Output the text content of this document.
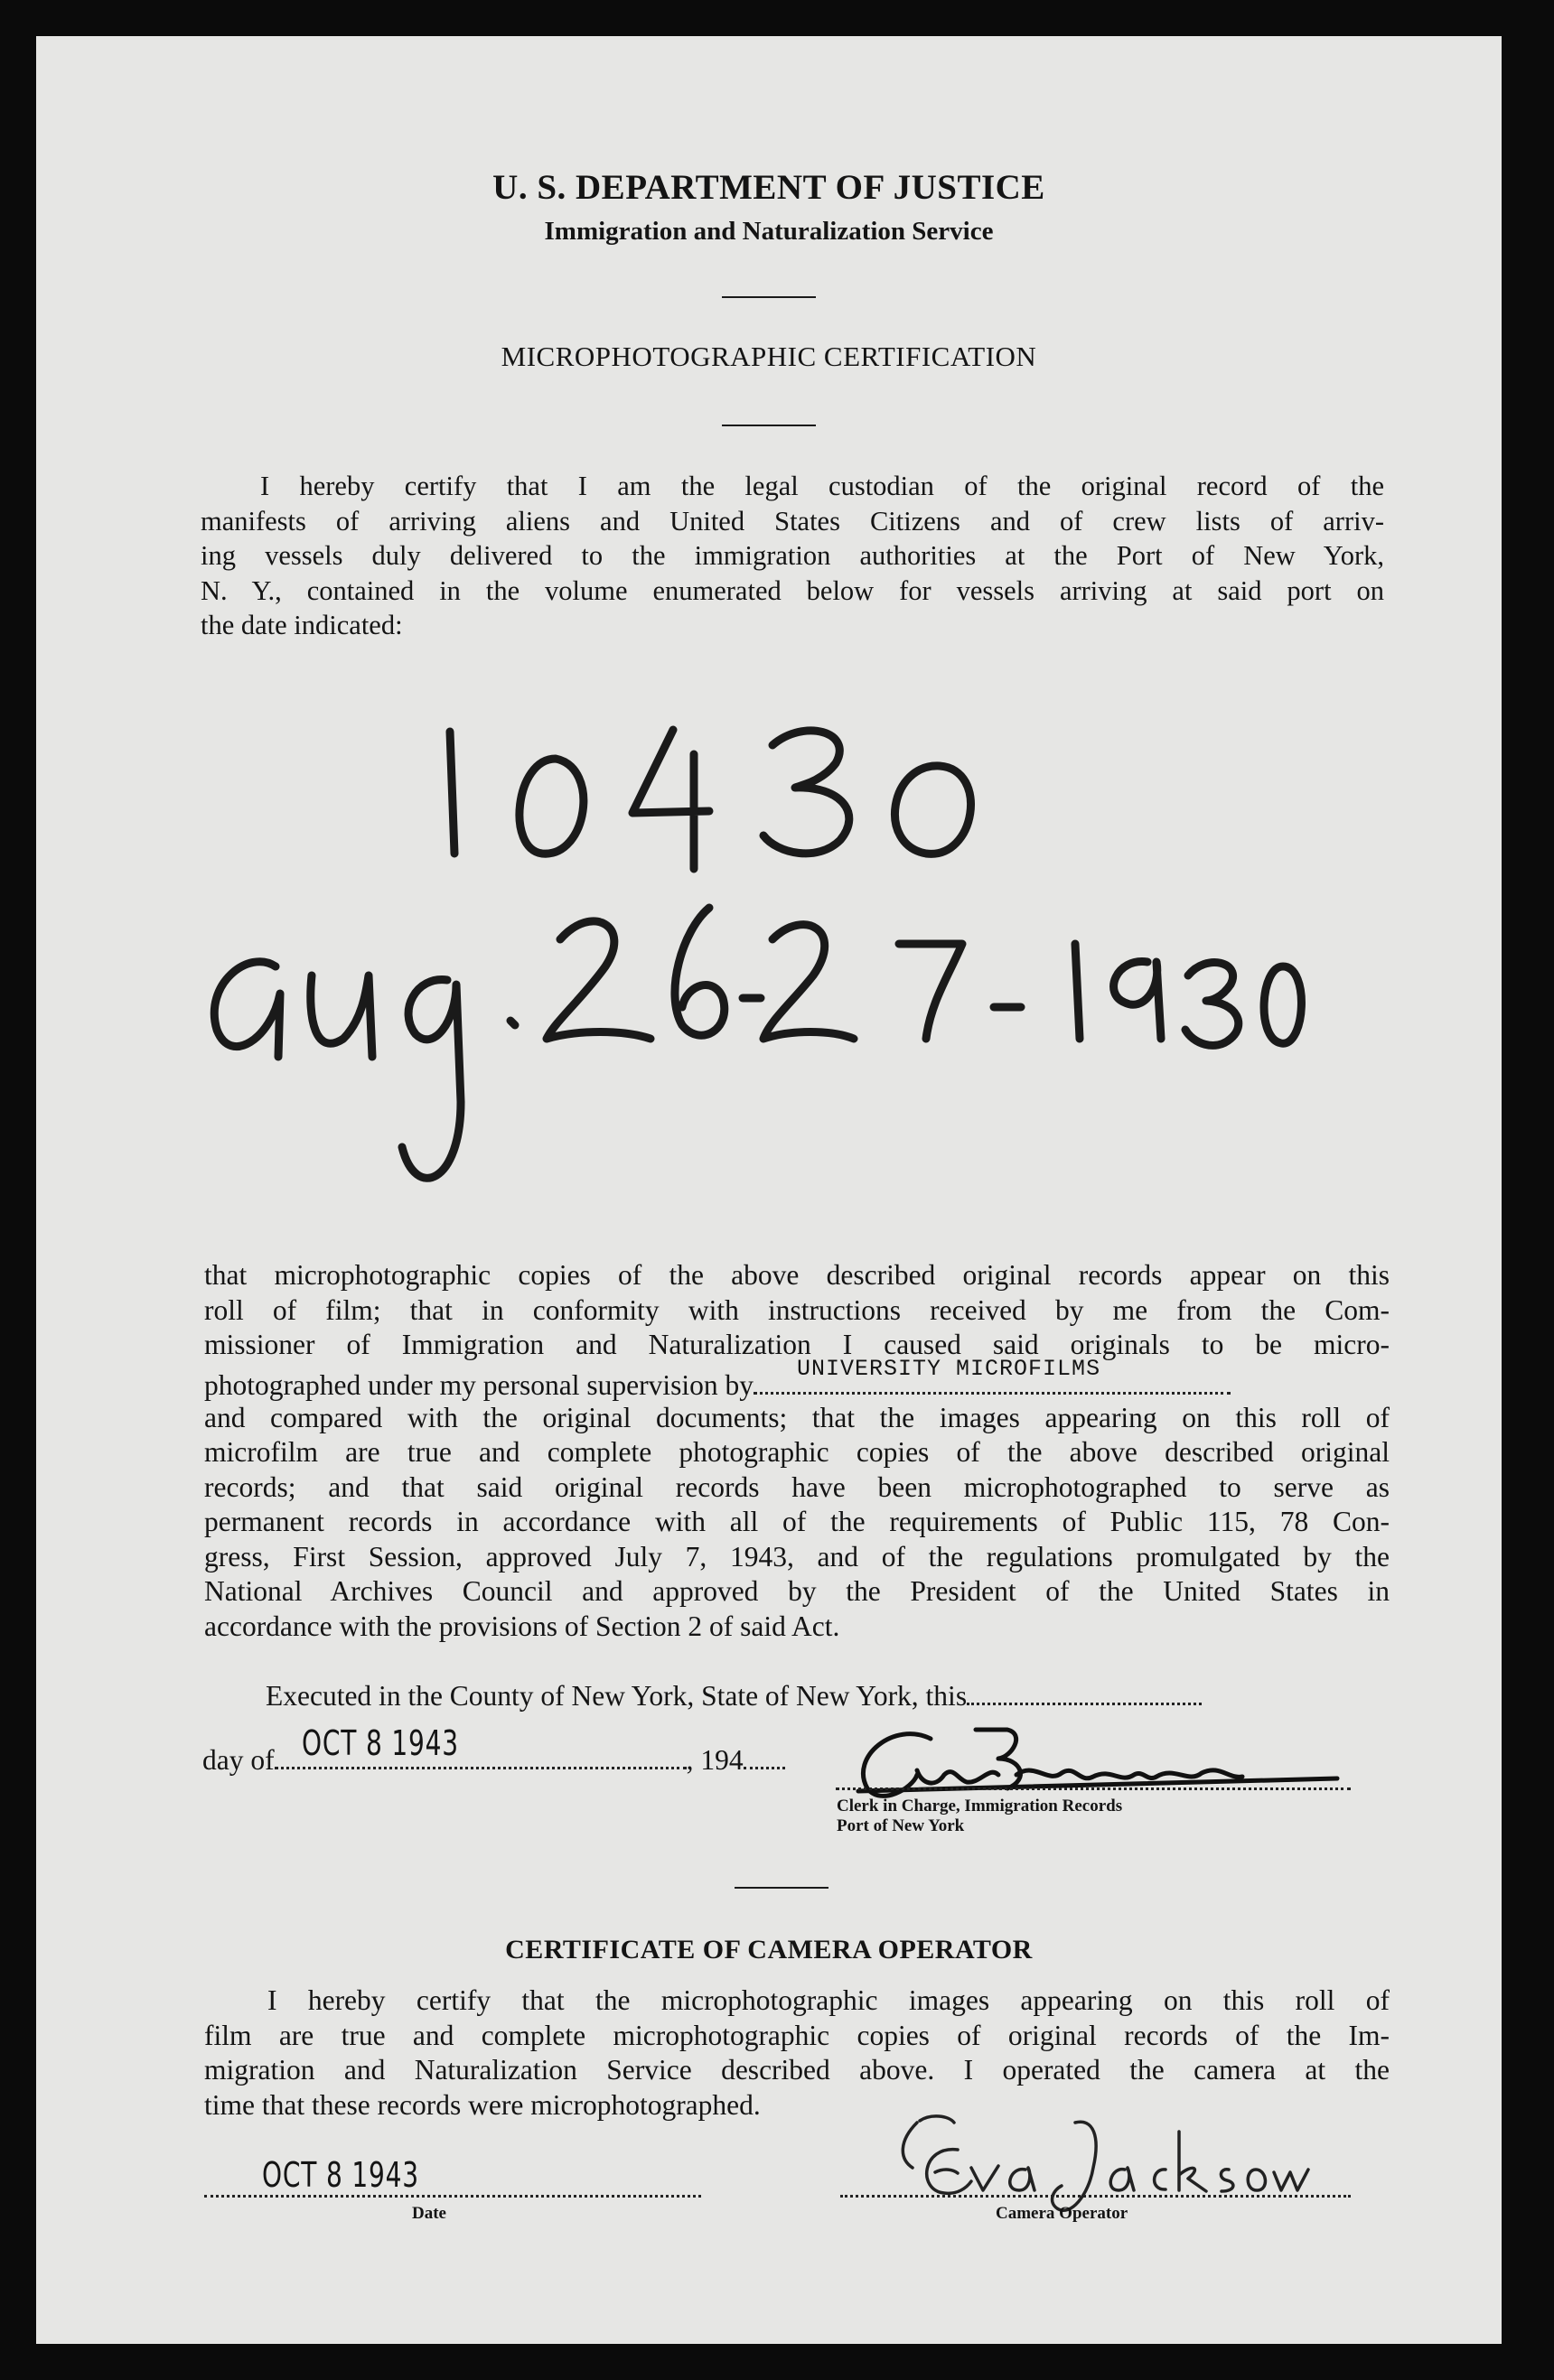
U. S. DEPARTMENT OF JUSTICE
Immigration and Naturalization Service
MICROPHOTOGRAPHIC CERTIFICATION
I hereby certify that I am the legal custodian of the original record of the
manifests of arriving aliens and United States Citizens and of crew lists of arriv-
ing vessels duly delivered to the immigration authorities at the Port of New York,
N. Y., contained in the volume enumerated below for vessels arriving at said port on
the date indicated:
that microphotographic copies of the above described original records appear on this
roll of film; that in conformity with instructions received by me from the Com-
missioner of Immigration and Naturalization I caused said originals to be micro-
photographed under my personal supervision by
UNIVERSITY MICROFILMS
and compared with the original documents; that the images appearing on this roll of
microfilm are true and complete photographic copies of the above described original
records; and that said original records have been microphotographed to serve as
permanent records in accordance with all of the requirements of Public 115, 78 Con-
gress, First Session, approved July 7, 1943, and of the regulations promulgated by the
National Archives Council and approved by the President of the United States in
accordance with the provisions of Section 2 of said Act.
Executed in the County of New York, State of New York, this
day of OCT 8 1943	, 194
Clerk in Charge, Immigration Records
Port of New York
CERTIFICATE OF CAMERA OPERATOR
I hereby certify that the microphotographic images appearing on this roll of
film are true and complete microphotographic copies of original records of the Im-
migration and Naturalization Service described above. I operated the camera at the
time that these records were microphotographed.
OCT 8 1943
Date	Camera Operator
